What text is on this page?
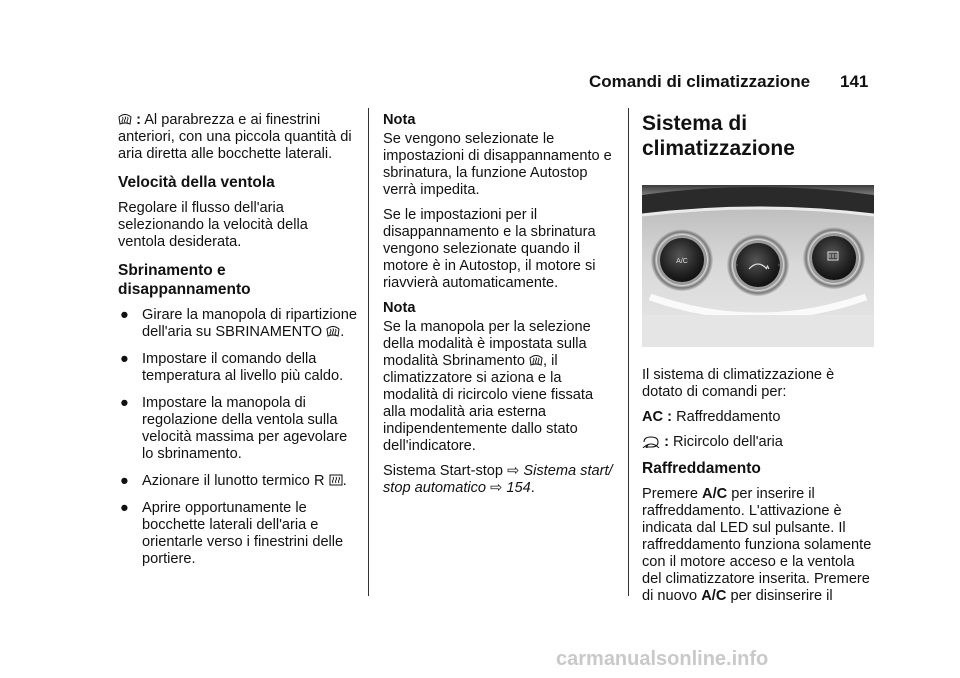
Comandi di climatizzazione 141

: Al parabrezza e ai finestrini anteriori, con una piccola quantità di aria diretta alle bocchette laterali.

Velocità della ventola

Regolare il flusso dell'aria selezionando la velocità della ventola desiderata.

Sbrinamento e disappannamento
● Girare la manopola di ripartizione dell'aria su SBRINAMENTO .
● Impostare il comando della temperatura al livello più caldo.
● Impostare la manopola di regolazione della ventola sulla velocità massima per agevolare lo sbrinamento.
● Azionare il lunotto termico R .
● Aprire opportunamente le bocchette laterali dell'aria e orientarle verso i finestrini delle portiere.
Nota

Se vengono selezionate le impostazioni di disappannamento e sbrinatura, la funzione Autostop verrà impedita.

Se le impostazioni per il disappannamento e la sbrinatura vengono selezionate quando il motore è in Autostop, il motore si riavvierà automaticamente.

Nota

Se la manopola per la selezione della modalità è impostata sulla modalità Sbrinamento , il climatizzatore si aziona e la modalità di ricircolo viene fissata alla modalità aria esterna indipendentemente dallo stato dell'indicatore.

Sistema Start-stop ⇨ Sistema start/ stop automatico ⇨ 154.

Sistema di climatizzazione
A/C

Il sistema di climatizzazione è dotato di comandi per:

AC : Raffreddamento

: Ricircolo dell'aria

Raffreddamento

Premere A/C per inserire il raffreddamento. L'attivazione è indicata dal LED sul pulsante. Il raffreddamento funziona solamente con il motore acceso e la ventola del climatizzatore inserita. Premere di nuovo A/C per disinserire il

carmanualsonline.info
